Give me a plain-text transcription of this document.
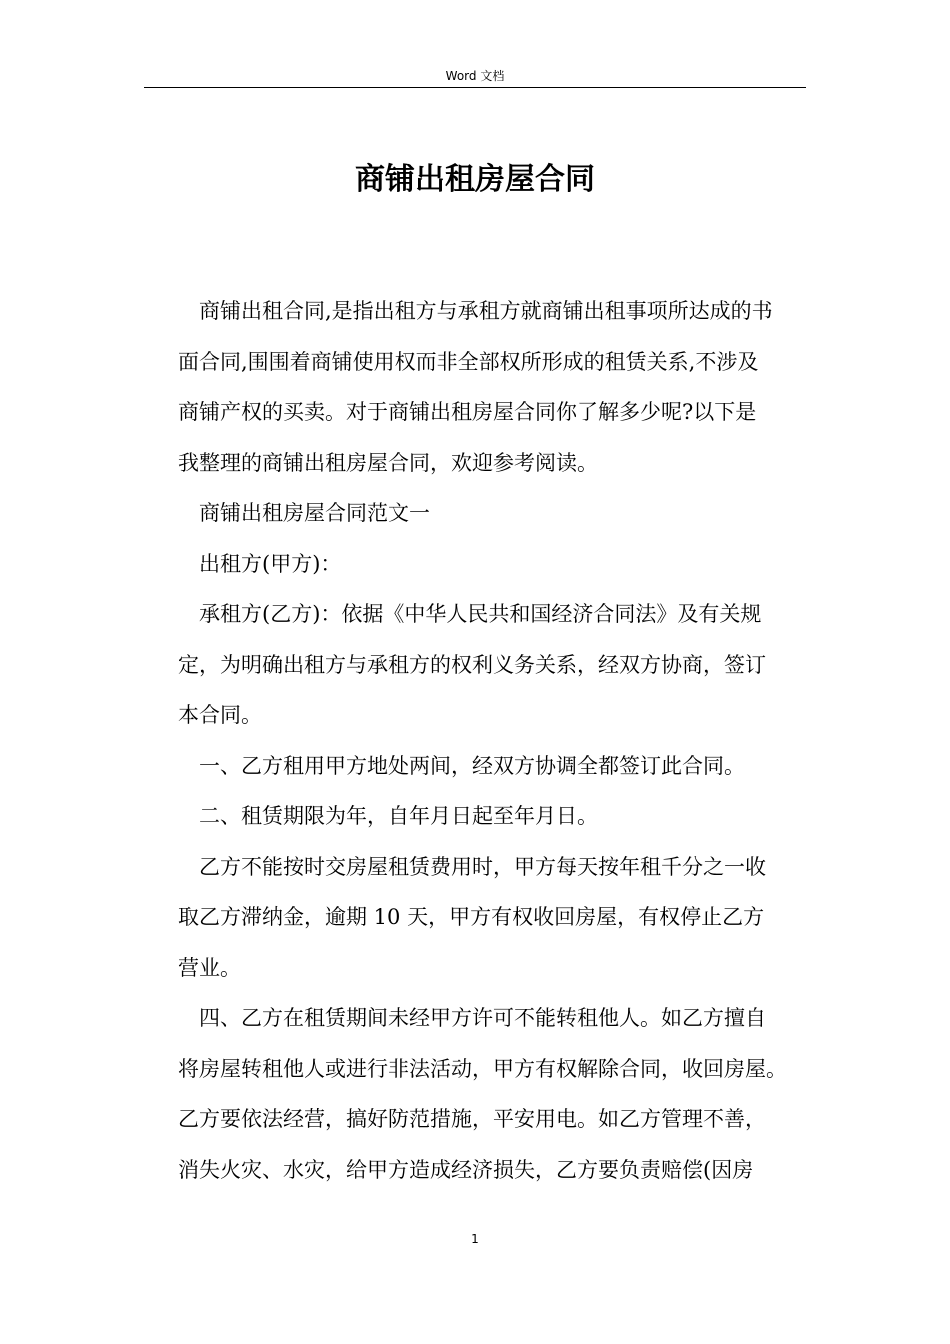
Word 文档
商铺出租房屋合同
商铺出租合同,是指出租方与承租方就商铺出租事项所达成的书
面合同,围围着商铺使用权而非全部权所形成的租赁关系,不涉及
商铺产权的买卖。对于商铺出租房屋合同你了解多少呢?以下是
我整理的商铺出租房屋合同，欢迎参考阅读。
商铺出租房屋合同范文一
出租方(甲方)：
承租方(乙方)：依据《中华人民共和国经济合同法》及有关规
定，为明确出租方与承租方的权利义务关系，经双方协商，签订
本合同。
一、乙方租用甲方地处两间，经双方协调全都签订此合同。
二、租赁期限为年，自年月日起至年月日。
乙方不能按时交房屋租赁费用时，甲方每天按年租千分之一收
取乙方滞纳金，逾期 10 天，甲方有权收回房屋，有权停止乙方
营业。
四、乙方在租赁期间未经甲方许可不能转租他人。如乙方擅自
将房屋转租他人或进行非法活动，甲方有权解除合同，收回房屋。
乙方要依法经营，搞好防范措施，平安用电。如乙方管理不善，
消失火灾、水灾，给甲方造成经济损失，乙方要负责赔偿(因房
1
